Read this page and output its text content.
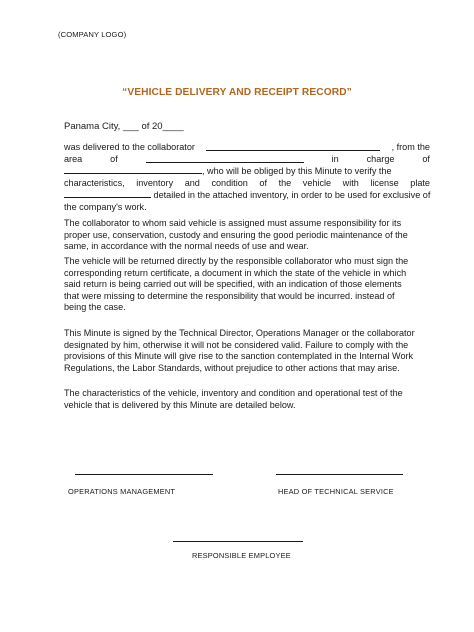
(COMPANY LOGO)
“VEHICLE DELIVERY AND RECEIPT RECORD”
Panama City, ___ of 20____
was delivered to the collaborator	, from the
area	of	in	charge	of
, who will be obliged by this Minute to verify the
characteristics, inventory and condition of the vehicle with license plate
detailed in the attached inventory, in order to be used for exclusive of
the company's work.
The collaborator to whom said vehicle is assigned must assume responsibility for its
proper use, conservation, custody and ensuring the good periodic maintenance of the
same, in accordance with the normal needs of use and wear.
The vehicle will be returned directly by the responsible collaborator who must sign the
corresponding return certificate, a document in which the state of the vehicle in which
said return is being carried out will be specified, with an indication of those elements
that were missing to determine the responsibility that would be incurred. instead of
being the case.
This Minute is signed by the Technical Director, Operations Manager or the collaborator
designated by him, otherwise it will not be considered valid. Failure to comply with the
provisions of this Minute will give rise to the sanction contemplated in the Internal Work
Regulations, the Labor Standards, without prejudice to other actions that may arise.
The characteristics of the vehicle, inventory and condition and operational test of the
vehicle that is delivered by this Minute are detailed below.
OPERATIONS MANAGEMENT	HEAD OF TECHNICAL SERVICE
RESPONSIBLE EMPLOYEE
